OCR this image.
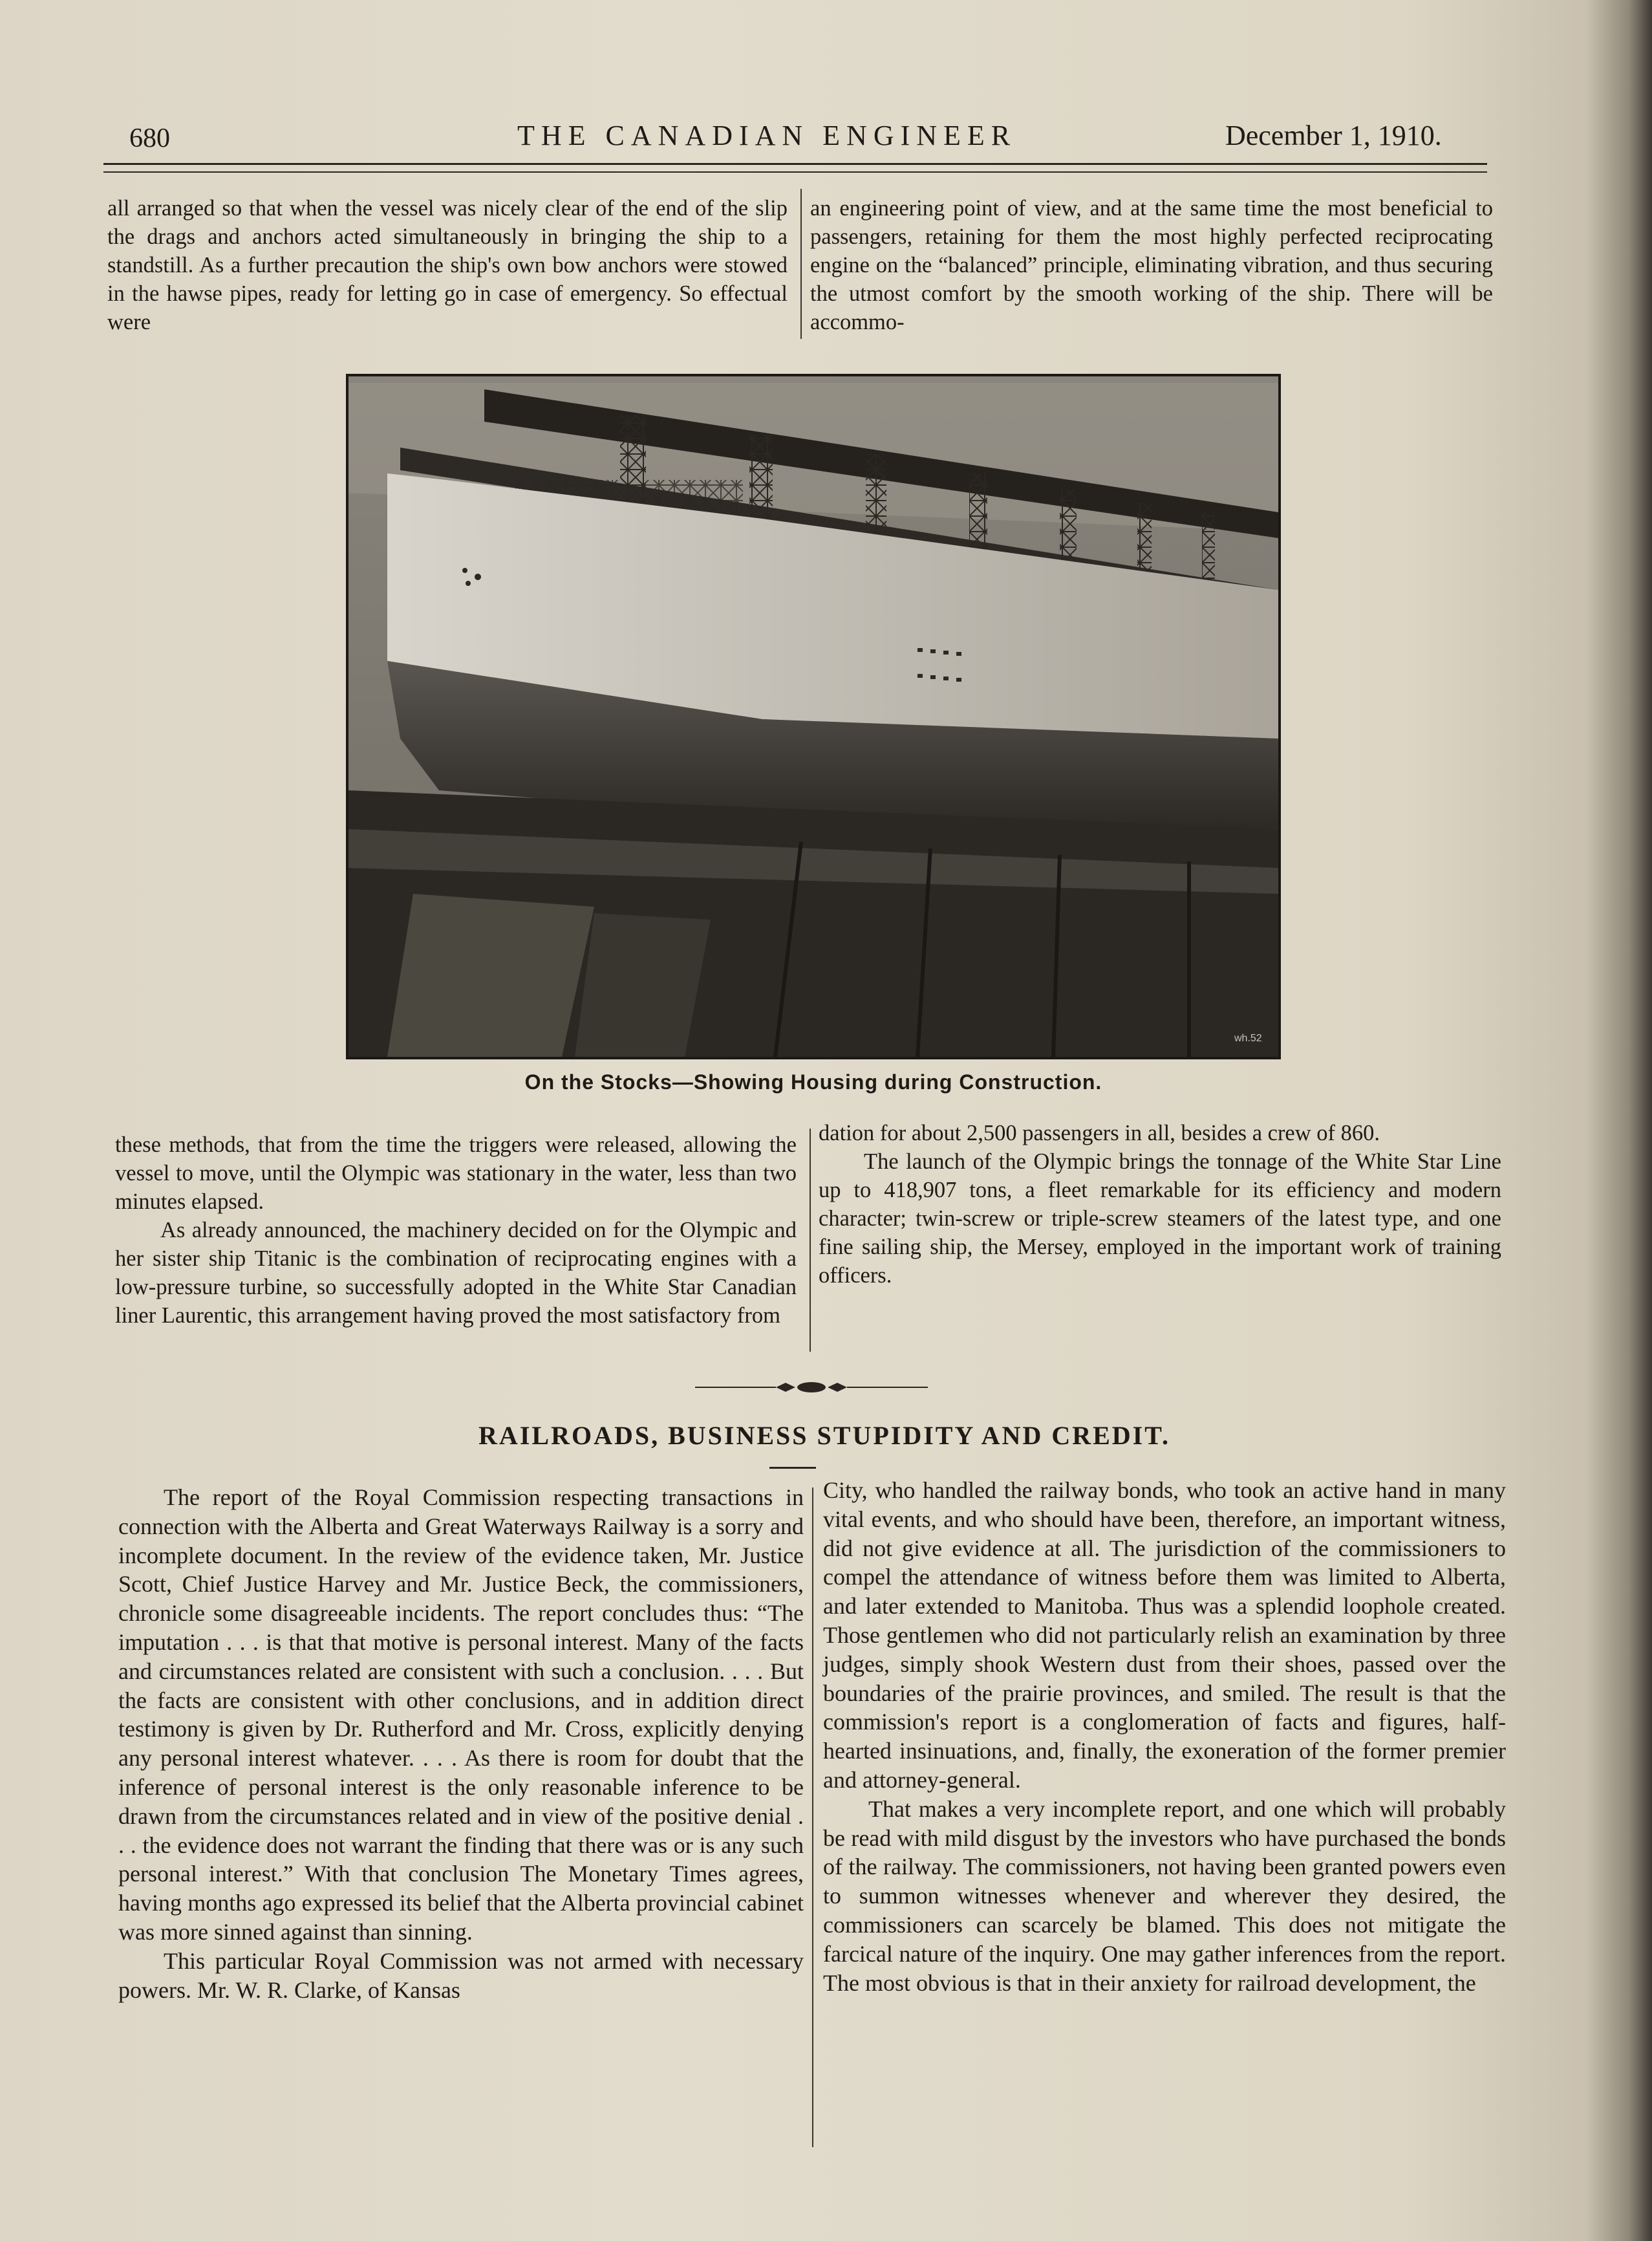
680	THE CANADIAN ENGINEER	December 1, 1910.

all arranged so that when the vessel was nicely clear of the end of the slip the drags and anchors acted simultaneously in bringing the ship to a standstill. As a further precaution the ship's own bow anchors were stowed in the hawse pipes, ready for letting go in case of emergency. So effectual were

an engineering point of view, and at the same time the most beneficial to passengers, retaining for them the most highly perfected reciprocating engine on the “balanced” principle, eliminating vibration, and thus securing the utmost comfort by the smooth working of the ship. There will be accommo-

wh.52
On the Stocks—Showing Housing during Construction.

these methods, that from the time the triggers were released, allowing the vessel to move, until the Olympic was stationary in the water, less than two minutes elapsed.

As already announced, the machinery decided on for the Olympic and her sister ship Titanic is the combination of reciprocating engines with a low-pressure turbine, so successfully adopted in the White Star Canadian liner Laurentic, this arrangement having proved the most satisfactory from

dation for about 2,500 passengers in all, besides a crew of 860.

The launch of the Olympic brings the tonnage of the White Star Line up to 418,907 tons, a fleet remarkable for its efficiency and modern character; twin-screw or triple-screw steamers of the latest type, and one fine sailing ship, the Mersey, employed in the important work of training officers.

RAILROADS, BUSINESS STUPIDITY AND CREDIT.

The report of the Royal Commission respecting transactions in connection with the Alberta and Great Waterways Railway is a sorry and incomplete document. In the review of the evidence taken, Mr. Justice Scott, Chief Justice Harvey and Mr. Justice Beck, the commissioners, chronicle some disagreeable incidents. The report concludes thus: “The imputation . . . is that that motive is personal interest. Many of the facts and circumstances related are consistent with such a conclusion. . . . But the facts are consistent with other conclusions, and in addition direct testimony is given by Dr. Rutherford and Mr. Cross, explicitly denying any personal interest whatever. . . . As there is room for doubt that the inference of personal interest is the only reasonable inference to be drawn from the circumstances related and in view of the positive denial . . . the evidence does not warrant the finding that there was or is any such personal interest.” With that conclusion The Monetary Times agrees, having months ago expressed its belief that the Alberta provincial cabinet was more sinned against than sinning.

This particular Royal Commission was not armed with necessary powers. Mr. W. R. Clarke, of Kansas

City, who handled the railway bonds, who took an active hand in many vital events, and who should have been, therefore, an important witness, did not give evidence at all. The jurisdiction of the commissioners to compel the attendance of witness before them was limited to Alberta, and later extended to Manitoba. Thus was a splendid loophole created. Those gentlemen who did not particularly relish an examination by three judges, simply shook Western dust from their shoes, passed over the boundaries of the prairie provinces, and smiled. The result is that the commission's report is a conglomeration of facts and figures, half-hearted insinuations, and, finally, the exoneration of the former premier and attorney-general.

That makes a very incomplete report, and one which will probably be read with mild disgust by the investors who have purchased the bonds of the railway. The commissioners, not having been granted powers even to summon witnesses whenever and wherever they desired, the commissioners can scarcely be blamed. This does not mitigate the farcical nature of the inquiry. One may gather inferences from the report. The most obvious is that in their anxiety for railroad development, the
